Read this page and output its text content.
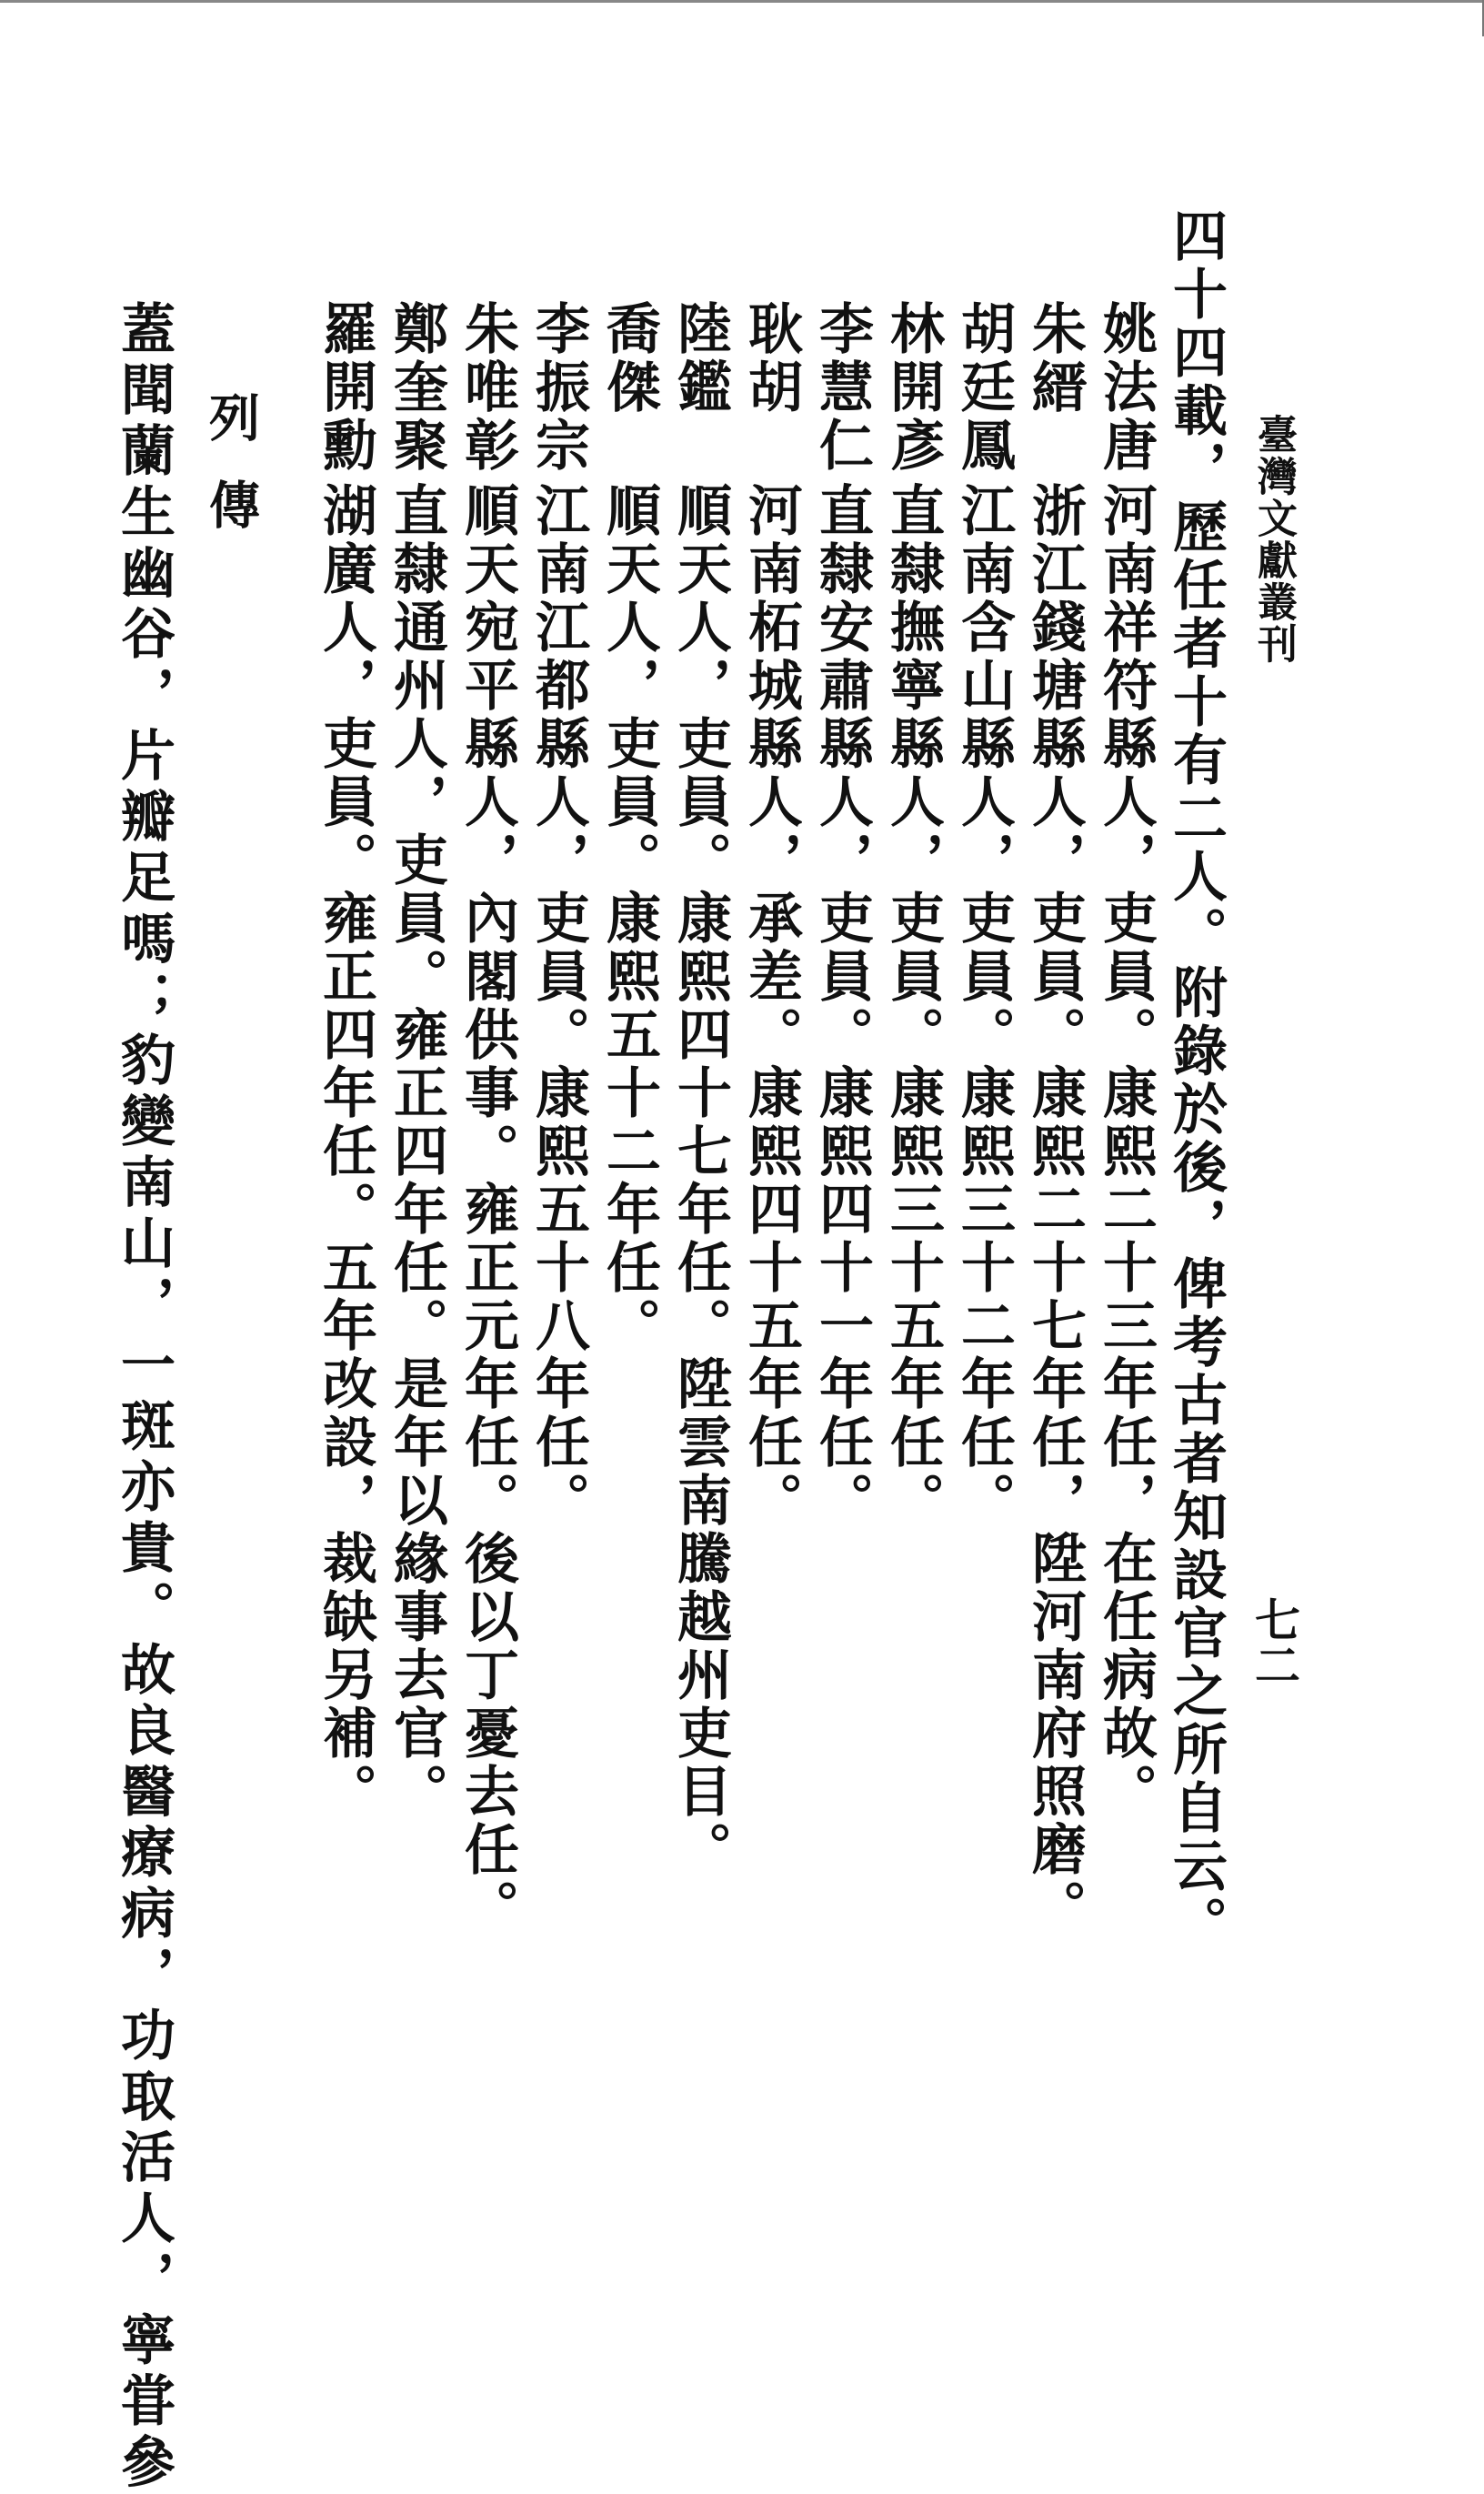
臺灣文獻叢刊
七二
四十四載，歷任者十有二人。附錄於後，俾考古者知設官之所自云。
姚法唐
河南祥符縣人，吏員。康熙二十三年任，在任病故。
朱縉
浙江錢塘縣人，吏員。康熙二十七年任，陞河南府照磨。
胡廷鳳
江南含山縣人，吏員。康熙三十二年任。
林開彥
直隸撫寧縣人，吏員。康熙三十五年任。
李慧仁
直隸安肅縣人，吏員。康熙四十一年任。
耿胡
河南柘城縣人，承差。康熙四十五年任。
陸鑑
順天人，吏員。康熙四十七年任。陞雲南騰越州吏目。
喬傑
順天人，吏員。康熙五十二年任。
李振宗
江南江都縣人，吏員。康熙五十八年任。
朱唯彰
順天宛平縣人，內閣供事。雍正元年任。後以丁憂去任。
鄭奎聚
直隸通州人，吏員。雍正四年任。是年以緣事去官。
羅開勳
湖廣人，吏員。雍正四年任。五年改設，裁缺另補。
列傳
蓋聞蘭生幽谷，片瓣足嗎；豹變南山，一斑亦貴。故良醫療病，功取活人，寧甞參
